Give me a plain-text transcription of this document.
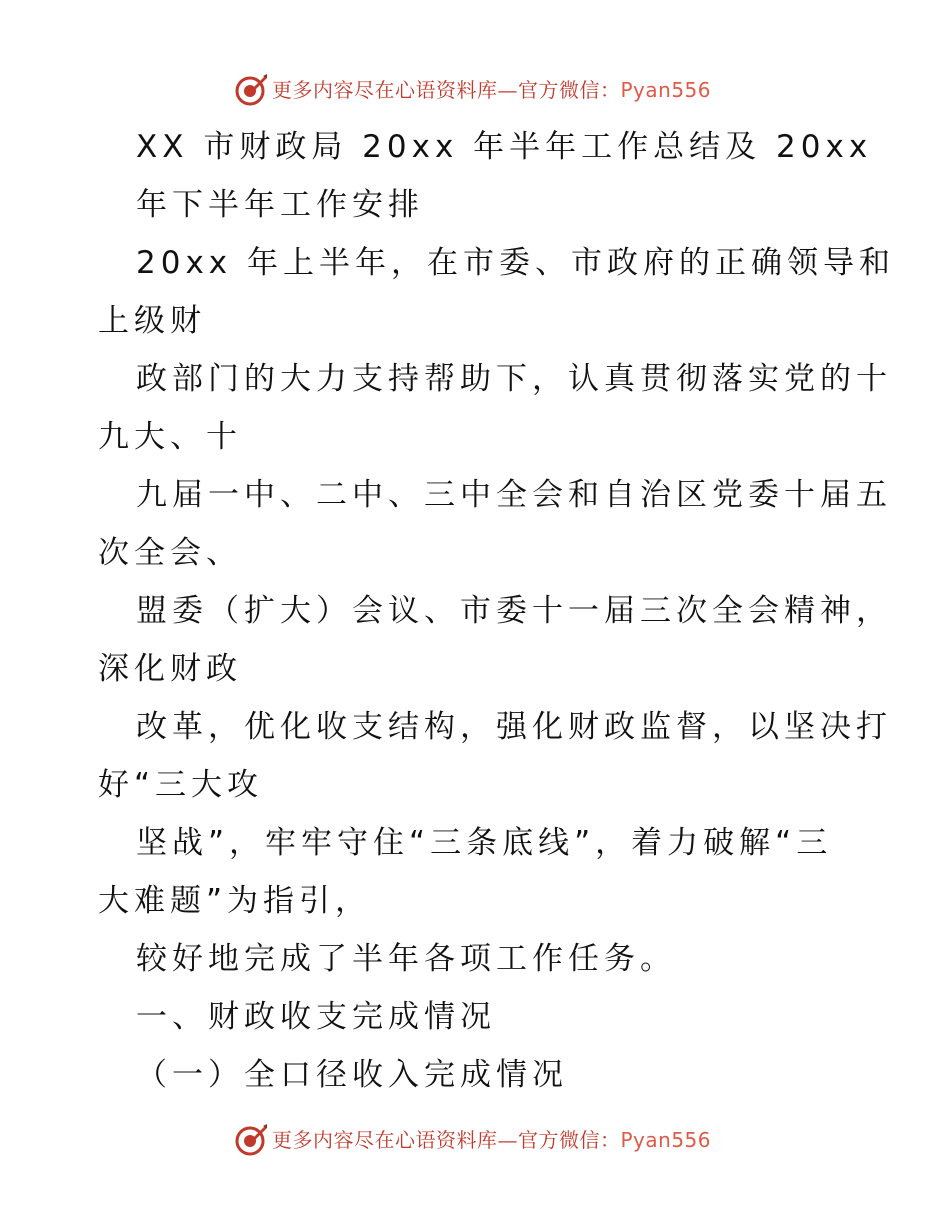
更多内容尽在心语资料库—官方微信：Pyan556
XX 市财政局 20xx 年半年工作总结及 20xx
年下半年工作安排
20xx 年上半年，在市委、市政府的正确领导和
上级财
政部门的大力支持帮助下，认真贯彻落实党的十
九大、十
九届一中、二中、三中全会和自治区党委十届五
次全会、
盟委（扩大）会议、市委十一届三次全会精神，
深化财政
改革，优化收支结构，强化财政监督，以坚决打
好“三大攻
坚战”，牢牢守住“三条底线”，着力破解“三
大难题”为指引，
较好地完成了半年各项工作任务。
一、财政收支完成情况
（一）全口径收入完成情况
更多内容尽在心语资料库—官方微信：Pyan556
